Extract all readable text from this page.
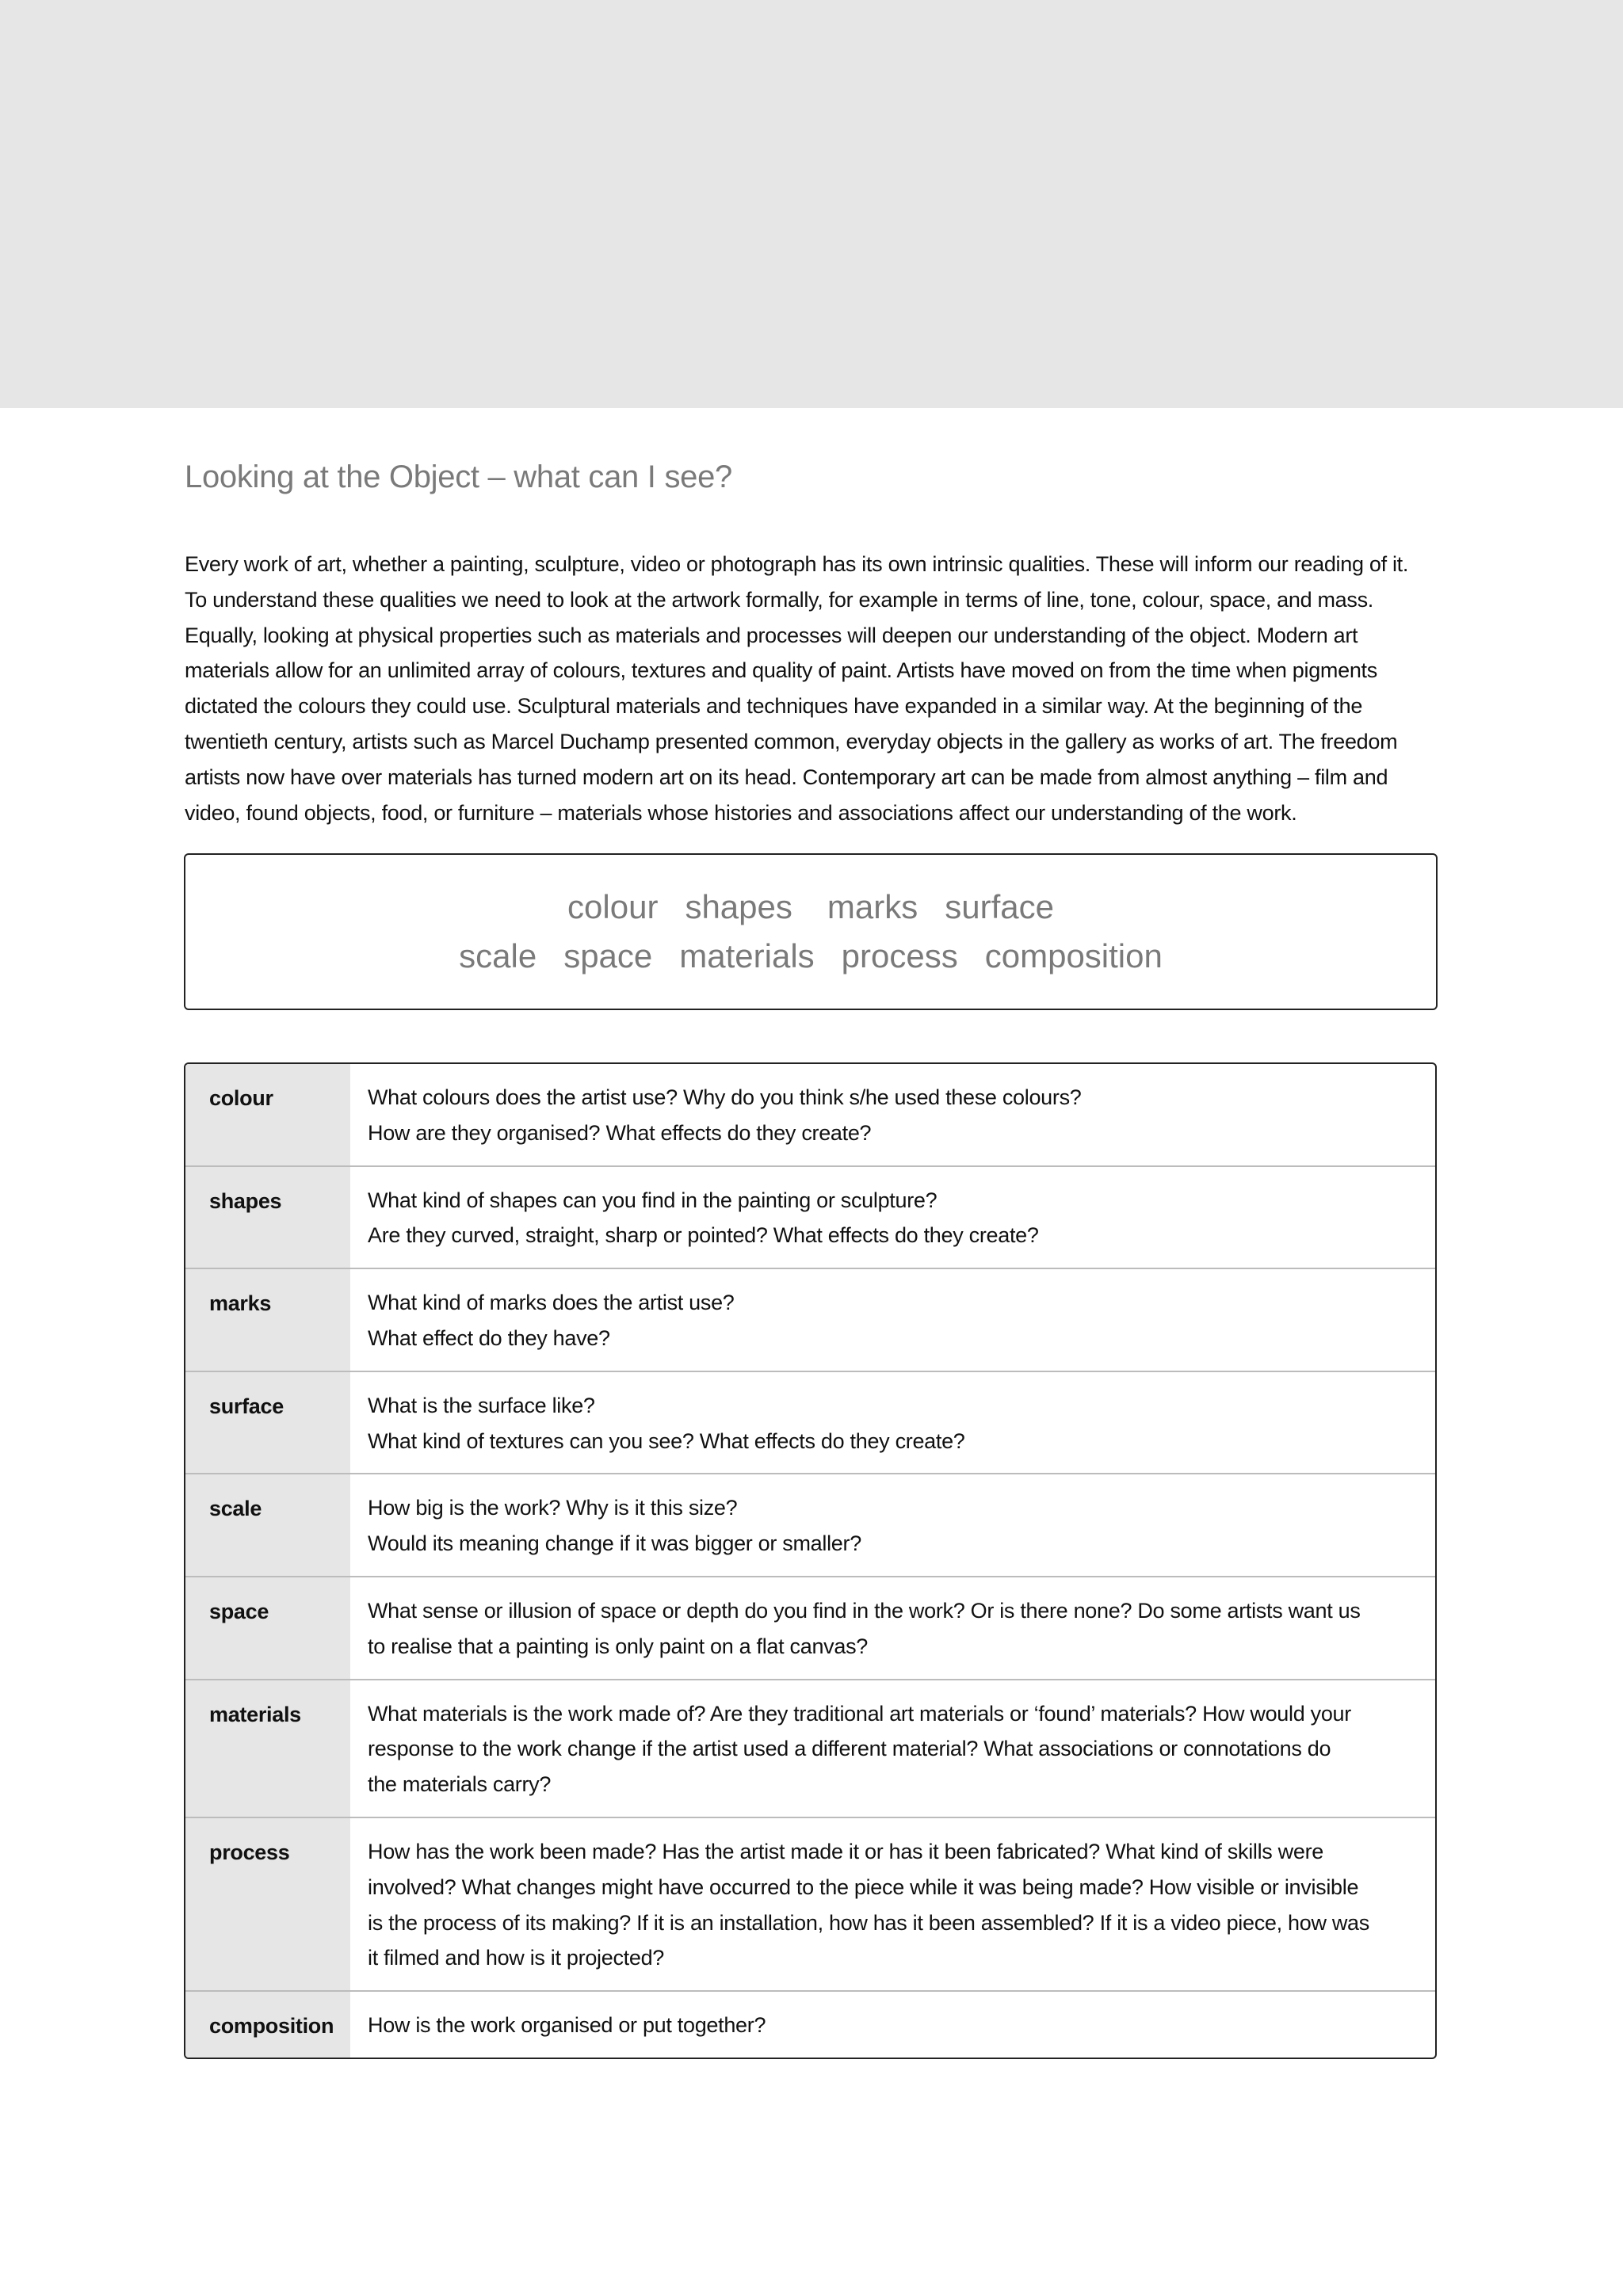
Looking at the Object – what can I see?

Every work of art, whether a painting, sculpture, video or photograph has its own intrinsic qualities. These will inform our reading of it.
To understand these qualities we need to look at the artwork formally, for example in terms of line, tone, colour, space, and mass.
Equally, looking at physical properties such as materials and processes will deepen our understanding of the object. Modern art
materials allow for an unlimited array of colours, textures and quality of paint. Artists have moved on from the time when pigments
dictated the colours they could use. Sculptural materials and techniques have expanded in a similar way. At the beginning of the
twentieth century, artists such as Marcel Duchamp presented common, everyday objects in the gallery as works of art. The freedom
artists now have over materials has turned modern art on its head. Contemporary art can be made from almost anything – film and
video, found objects, food, or furniture – materials whose histories and associations affect our understanding of the work.

colour shapes marks surface
scale space materials process composition
colour	What colours does the artist use? Why do you think s/he used these colours?
How are they organised? What effects do they create?
shapes	What kind of shapes can you find in the painting or sculpture?
Are they curved, straight, sharp or pointed? What effects do they create?
marks	What kind of marks does the artist use?
What effect do they have?
surface	What is the surface like?
What kind of textures can you see? What effects do they create?
scale	How big is the work? Why is it this size?
Would its meaning change if it was bigger or smaller?
space	What sense or illusion of space or depth do you find in the work? Or is there none? Do some artists want us
to realise that a painting is only paint on a flat canvas?
materials	What materials is the work made of? Are they traditional art materials or ‘found’ materials? How would your
response to the work change if the artist used a different material? What associations or connotations do
the materials carry?
process	How has the work been made? Has the artist made it or has it been fabricated? What kind of skills were
involved? What changes might have occurred to the piece while it was being made? How visible or invisible
is the process of its making? If it is an installation, how has it been assembled? If it is a video piece, how was
it filmed and how is it projected?
composition	How is the work organised or put together?
